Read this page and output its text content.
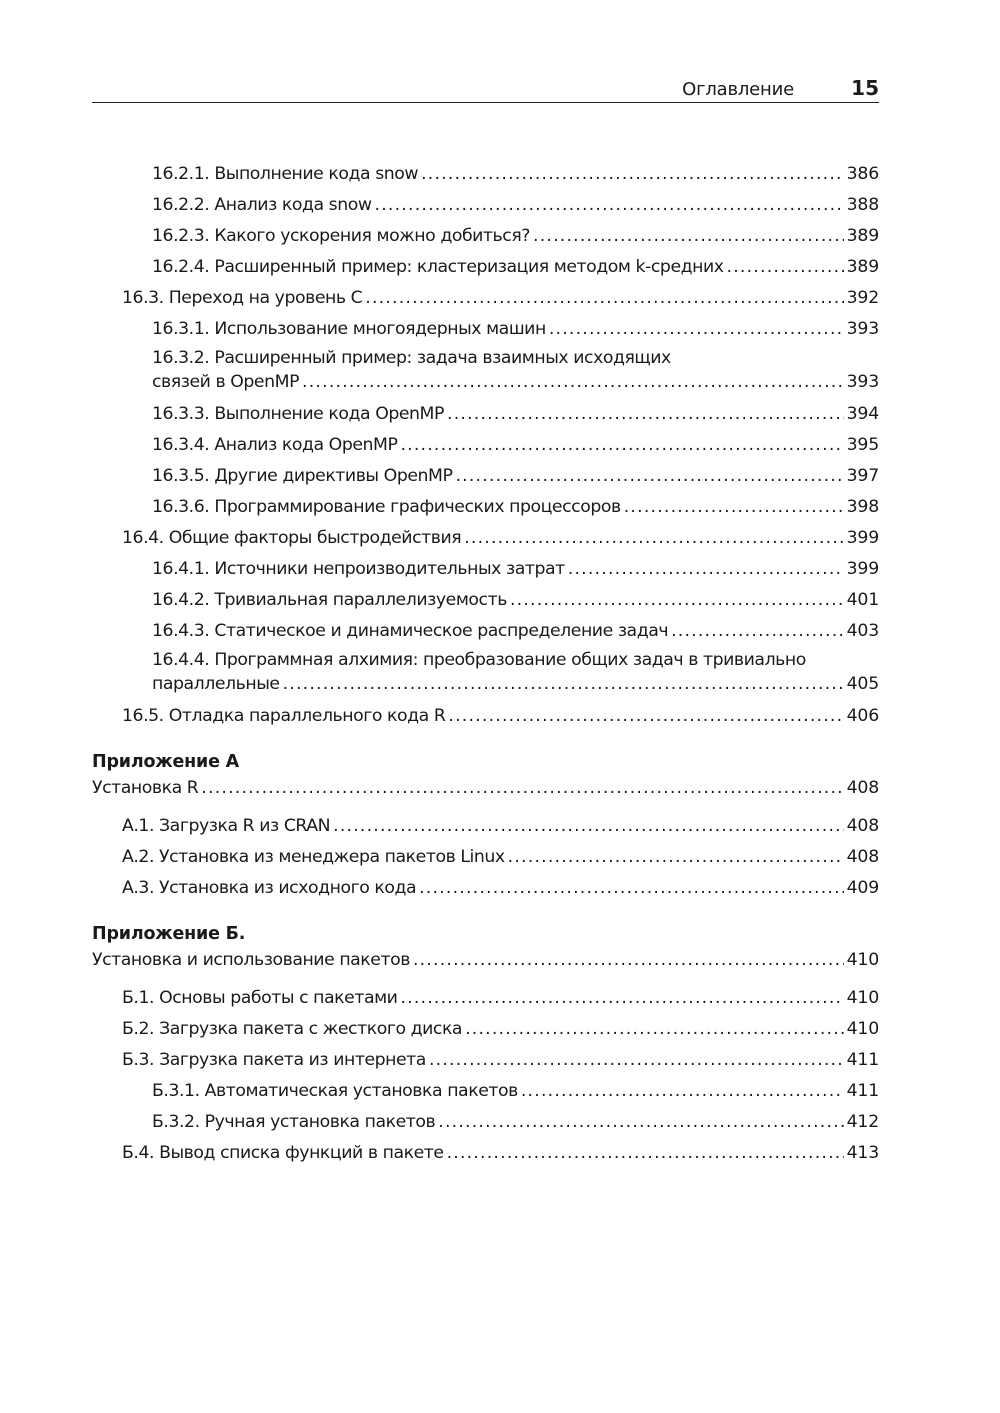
Оглавление	15
16.2.1. Выполнение кода snow .....	386
16.2.2. Анализ кода snow .....	388
16.2.3. Какого ускорения можно добиться? .....	389
16.2.4. Расширенный пример: кластеризация методом k-средних .....	389
16.3. Переход на уровень С .....	392
16.3.1. Использование многоядерных машин .....	393
16.3.2. Расширенный пример: задача взаимных исходящих
связей в OpenMP .....	393
16.3.3. Выполнение кода OpenMP .....	394
16.3.4. Анализ кода OpenMP .....	395
16.3.5. Другие директивы OpenMP .....	397
16.3.6. Программирование графических процессоров .....	398
16.4. Общие факторы быстродействия .....	399
16.4.1. Источники непроизводительных затрат .....	399
16.4.2. Тривиальная параллелизуемость .....	401
16.4.3. Статическое и динамическое распределение задач .....	403
16.4.4. Программная алхимия: преобразование общих задач в тривиально
параллельные .....	405
16.5. Отладка параллельного кода R .....	406
Приложение А
Установка R .....	408
А.1. Загрузка R из CRAN .....	408
А.2. Установка из менеджера пакетов Linux .....	408
А.3. Установка из исходного кода .....	409
Приложение Б.
Установка и использование пакетов .....	410
Б.1. Основы работы с пакетами .....	410
Б.2. Загрузка пакета с жесткого диска .....	410
Б.3. Загрузка пакета из интернета .....	411
Б.3.1. Автоматическая установка пакетов .....	411
Б.3.2. Ручная установка пакетов .....	412
Б.4. Вывод списка функций в пакете .....	413
